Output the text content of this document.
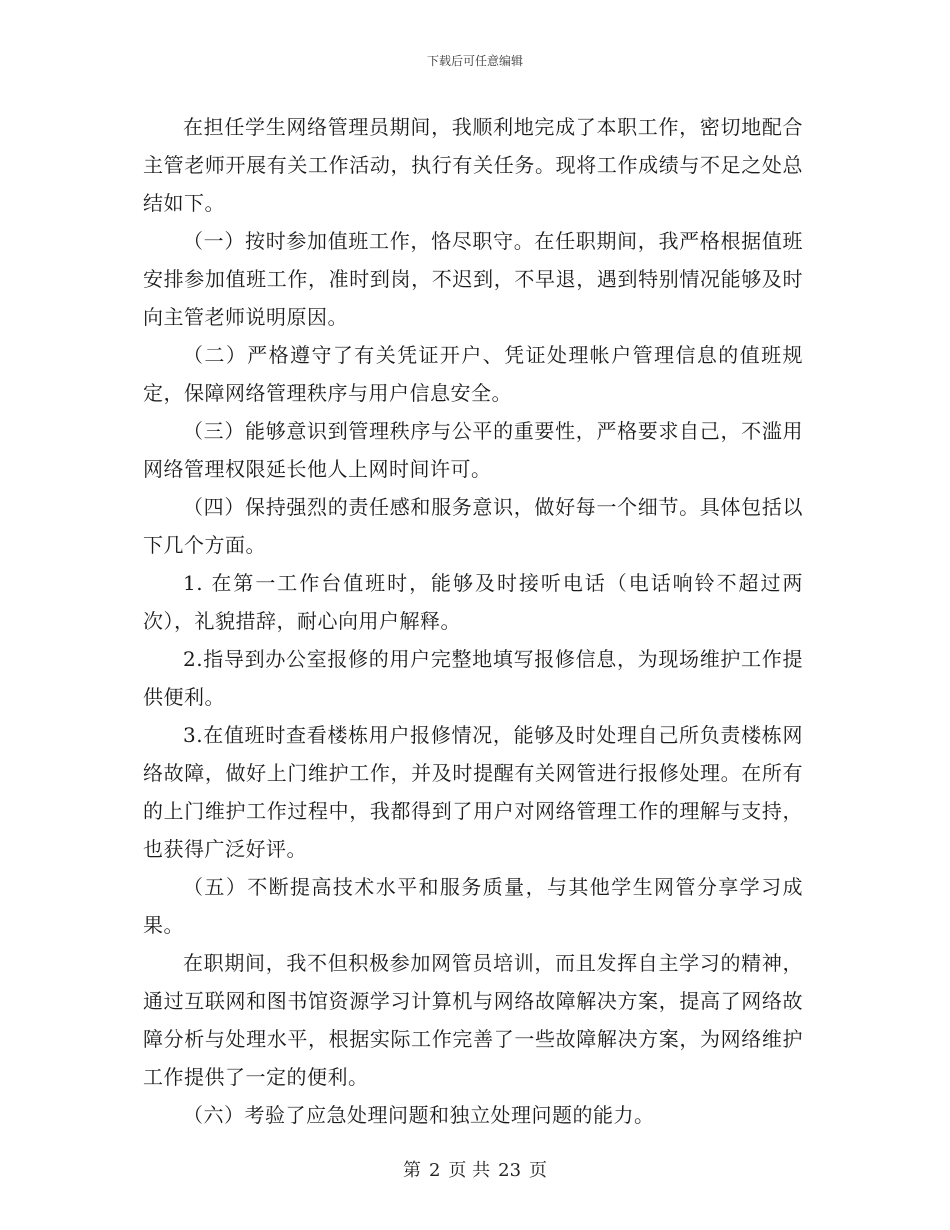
下载后可任意编辑

在担任学生网络管理员期间，我顺利地完成了本职工作，密切地配合主管老师开展有关工作活动，执行有关任务。现将工作成绩与不足之处总结如下。

（一）按时参加值班工作，恪尽职守。在任职期间，我严格根据值班安排参加值班工作，准时到岗，不迟到，不早退，遇到特别情况能够及时向主管老师说明原因。

（二）严格遵守了有关凭证开户、凭证处理帐户管理信息的值班规定，保障网络管理秩序与用户信息安全。

（三）能够意识到管理秩序与公平的重要性，严格要求自己，不滥用网络管理权限延长他人上网时间许可。

（四）保持强烈的责任感和服务意识，做好每一个细节。具体包括以下几个方面。

1. 在第一工作台值班时，能够及时接听电话（电话响铃不超过两次），礼貌措辞，耐心向用户解释。

2.指导到办公室报修的用户完整地填写报修信息，为现场维护工作提供便利。

3.在值班时查看楼栋用户报修情况，能够及时处理自己所负责楼栋网络故障，做好上门维护工作，并及时提醒有关网管进行报修处理。在所有的上门维护工作过程中，我都得到了用户对网络管理工作的理解与支持，也获得广泛好评。

（五）不断提高技术水平和服务质量，与其他学生网管分享学习成果。

在职期间，我不但积极参加网管员培训，而且发挥自主学习的精神，通过互联网和图书馆资源学习计算机与网络故障解决方案，提高了网络故障分析与处理水平，根据实际工作完善了一些故障解决方案，为网络维护工作提供了一定的便利。

（六）考验了应急处理问题和独立处理问题的能力。

第 2 页 共 23 页
